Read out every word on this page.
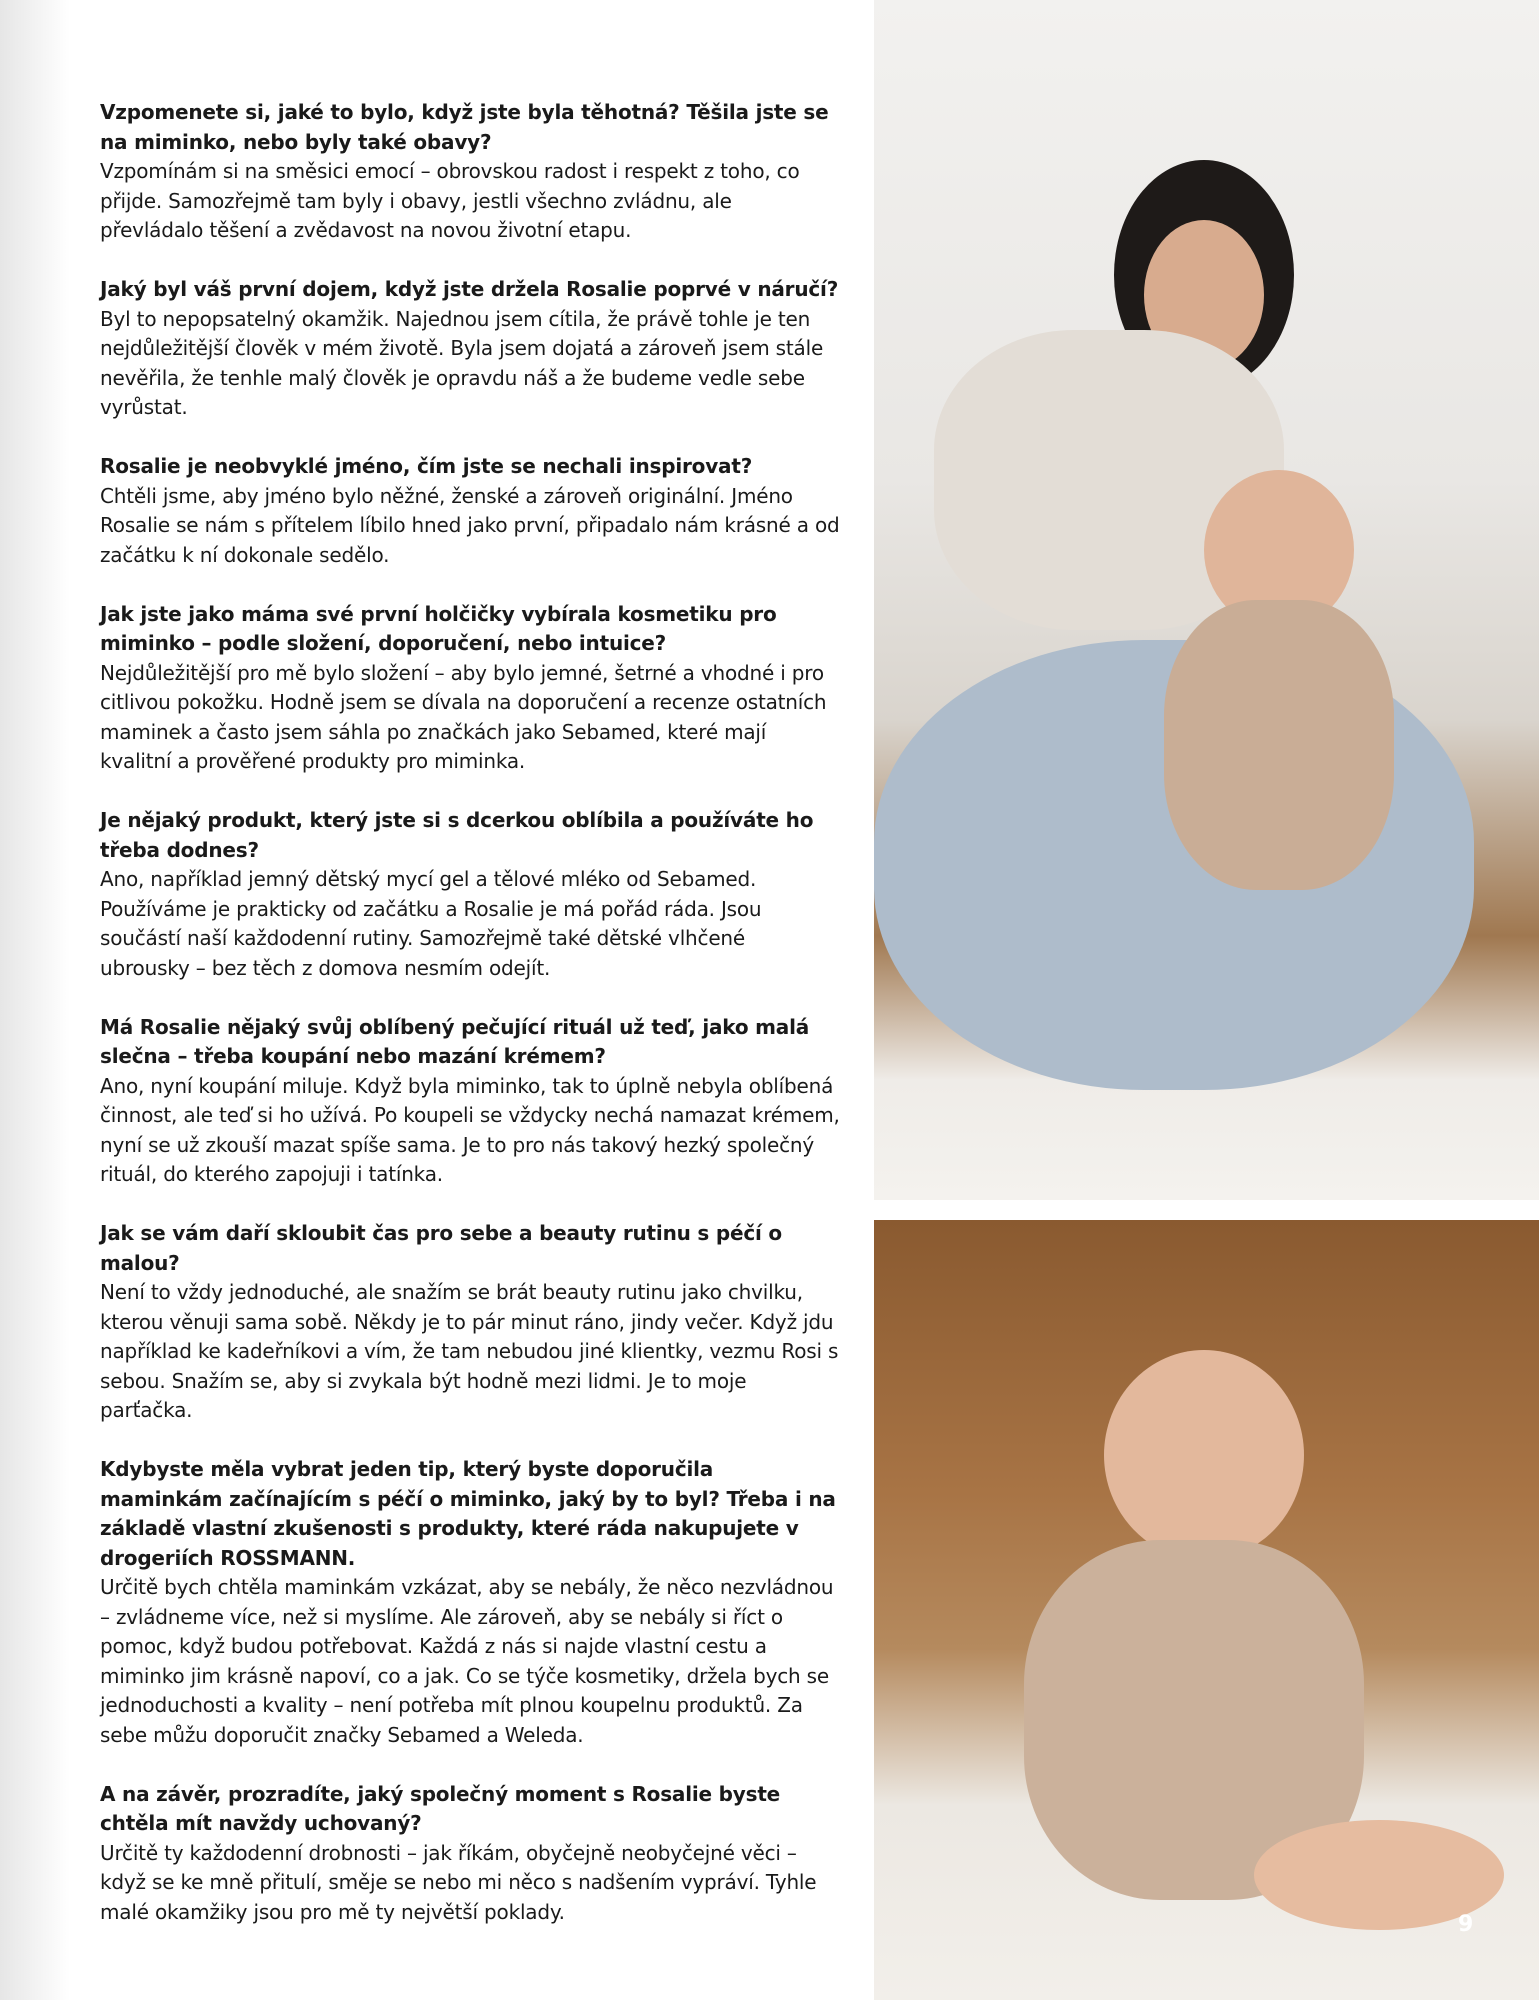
Vzpomenete si, jaké to bylo, když jste byla těhotná? Těšila jste se na miminko, nebo byly také obavy?
Vzpomínám si na směsici emocí – obrovskou radost i respekt z toho, co přijde. Samozřejmě tam byly i obavy, jestli všechno zvládnu, ale převládalo těšení a zvědavost na novou životní etapu.
Jaký byl váš první dojem, když jste držela Rosalie poprvé v náručí?
Byl to nepopsatelný okamžik. Najednou jsem cítila, že právě tohle je ten nejdůležitější člověk v mém životě. Byla jsem dojatá a zároveň jsem stále nevěřila, že tenhle malý člověk je opravdu náš a že budeme vedle sebe vyrůstat.
Rosalie je neobvyklé jméno, čím jste se nechali inspirovat?
Chtěli jsme, aby jméno bylo něžné, ženské a zároveň originální. Jméno Rosalie se nám s přítelem líbilo hned jako první, připadalo nám krásné a od začátku k ní dokonale sedělo.
Jak jste jako máma své první holčičky vybírala kosmetiku pro miminko – podle složení, doporučení, nebo intuice?
Nejdůležitější pro mě bylo složení – aby bylo jemné, šetrné a vhodné i pro citlivou pokožku. Hodně jsem se dívala na doporučení a recenze ostatních maminek a často jsem sáhla po značkách jako Sebamed, které mají kvalitní a prověřené produkty pro miminka.
Je nějaký produkt, který jste si s dcerkou oblíbila a používáte ho třeba dodnes?
Ano, například jemný dětský mycí gel a tělové mléko od Sebamed. Používáme je prakticky od začátku a Rosalie je má pořád ráda. Jsou součástí naší každodenní rutiny. Samozřejmě také dětské vlhčené ubrousky – bez těch z domova nesmím odejít.
Má Rosalie nějaký svůj oblíbený pečující rituál už teď, jako malá slečna – třeba koupání nebo mazání krémem?
Ano, nyní koupání miluje. Když byla miminko, tak to úplně nebyla oblíbená činnost, ale teď si ho užívá. Po koupeli se vždycky nechá namazat krémem, nyní se už zkouší mazat spíše sama. Je to pro nás takový hezký společný rituál, do kterého zapojuji i tatínka.
Jak se vám daří skloubit čas pro sebe a beauty rutinu s péčí o malou?
Není to vždy jednoduché, ale snažím se brát beauty rutinu jako chvilku, kterou věnuji sama sobě. Někdy je to pár minut ráno, jindy večer. Když jdu například ke kadeřníkovi a vím, že tam nebudou jiné klientky, vezmu Rosi s sebou. Snažím se, aby si zvykala být hodně mezi lidmi. Je to moje parťačka.
Kdybyste měla vybrat jeden tip, který byste doporučila maminkám začínajícím s péčí o miminko, jaký by to byl? Třeba i na základě vlastní zkušenosti s produkty, které ráda nakupujete v drogeriích ROSSMANN.
Určitě bych chtěla maminkám vzkázat, aby se nebály, že něco nezvládnou – zvládneme více, než si myslíme. Ale zároveň, aby se nebály si říct o pomoc, když budou potřebovat. Každá z nás si najde vlastní cestu a miminko jim krásně napoví, co a jak. Co se týče kosmetiky, držela bych se jednoduchosti a kvality – není potřeba mít plnou koupelnu produktů. Za sebe můžu doporučit značky Sebamed a Weleda.
A na závěr, prozradíte, jaký společný moment s Rosalie byste chtěla mít navždy uchovaný?
Určitě ty každodenní drobnosti – jak říkám, obyčejně neobyčejné věci – když se ke mně přitulí, směje se nebo mi něco s nadšením vypráví. Tyhle malé okamžiky jsou pro mě ty největší poklady.
9
